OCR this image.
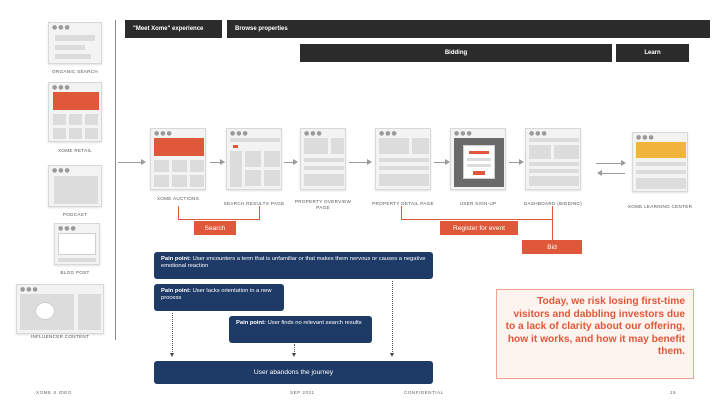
●●●
ORGANIC SEARCH
●●●
XOME RETAIL
●●●
PODCAST
●●●
BLOG POST
●●●
INFLUENCER CONTENT
"Meet Xome" experience	Browse properties
Bidding	Learn
●●●
XOME AUCTIONS
●●●
SEARCH RESULTS PAGE
●●●
PROPERTY OVERVIEW PAGE
●●●
PROPERTY DETAIL PAGE
●●●
USER SIGN-UP
●●●
DASHBOARD (BIDDING)
●●●
XOME LEARNING CENTER
Search	Register for event
Bid
Pain point: User encounters a term that is unfamiliar or that makes them nervous or causes a negative emotional reaction
Pain point: User lacks orientation in a new process
Pain point: User finds no relevant search results
User abandons the journey
Today, we risk losing first-time visitors and dabbling investors due to a lack of clarity about our offering, how it works, and how it may benefit them.
XOME X IDEO	SEP 2021	CONFIDENTIAL	15
